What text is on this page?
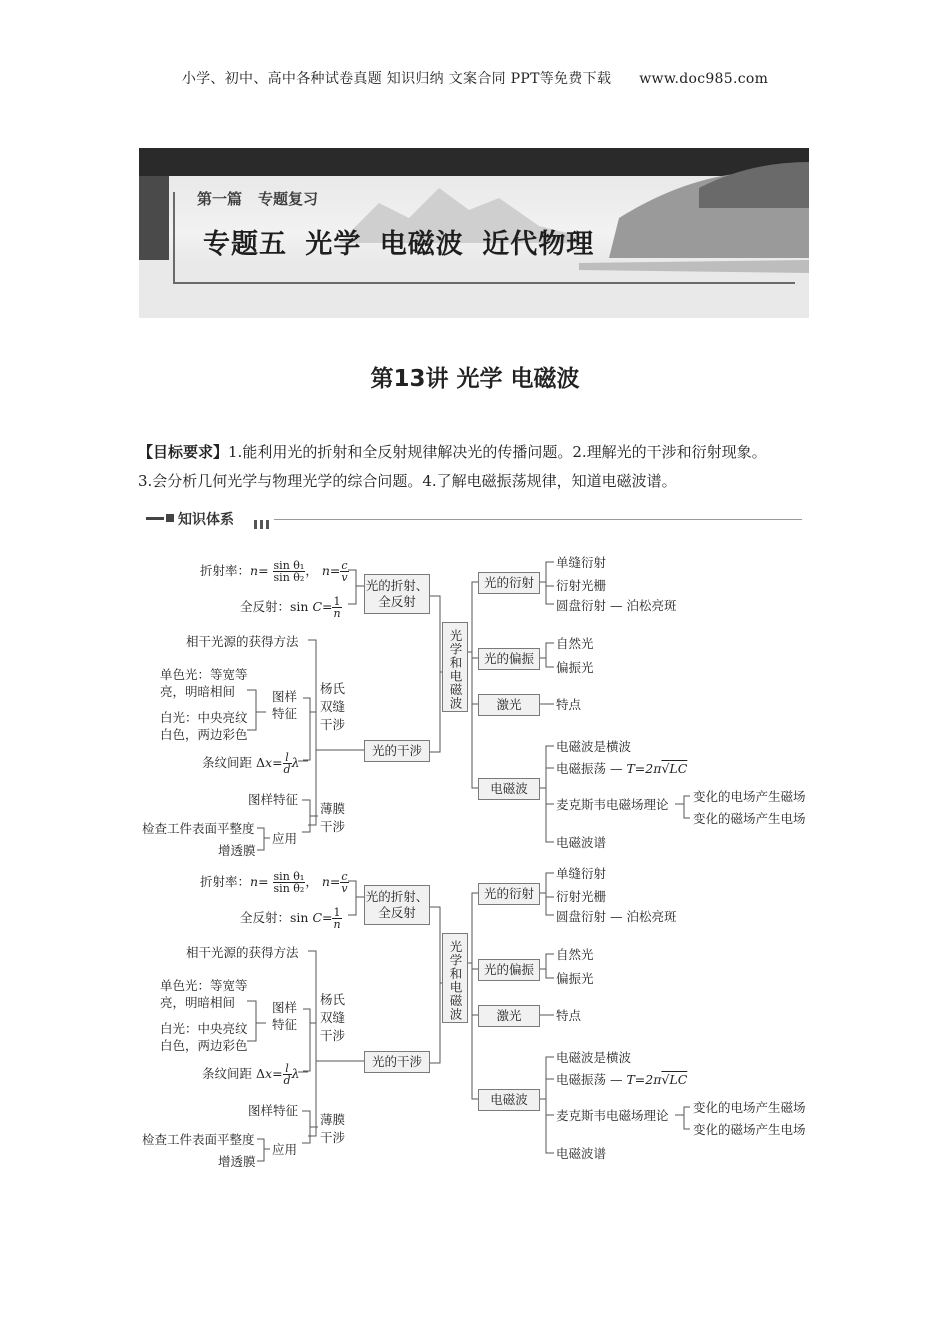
小学、初中、高中各种试卷真题 知识归纳 文案合同 PPT等免费下载 www.doc985.com
第一篇 专题复习
专题五 光学 电磁波 近代物理
第13讲 光学 电磁波
【目标要求】1.能利用光的折射和全反射规律解决光的传播问题。2.理解光的干涉和衍射现象。
3.会分析几何光学与物理光学的综合问题。4.了解电磁振荡规律，知道电磁波谱。
知识体系
折射率：$n= \frac{\text{sin θ₁}}{\text{sin θ₂}}$ ， $n= \frac{c}{v}$
全反射：$\sin C= \frac{1}{n}$
光的折射、全反射
光学和电磁波
相干光源的获得方法
单色光：等宽等亮，明暗相间
白光：中央亮纹白色，两边彩色
图样特征
杨氏双缝干涉
条纹间距 $\Delta x= \frac{l}{d}$ λ
光的干涉
图样特征
薄膜干涉
检查工件表面平整度
应用
增透膜
光的衍射
单缝衍射
衍射光栅
圆盘衍射 — 泊松亮斑
光的偏振
自然光
偏振光
激光	特点
电磁波
电磁波是横波
电磁振荡 — T=2π√LC
麦克斯韦电磁场理论
变化的电场产生磁场
变化的磁场产生电场
电磁波谱
折射率：$n= \frac{\text{sin θ₁}}{\text{sin θ₂}}$ ， $n= \frac{c}{v}$
全反射：$\sin C= \frac{1}{n}$
光的折射、全反射
光学和电磁波
相干光源的获得方法
单色光：等宽等亮，明暗相间
白光：中央亮纹白色，两边彩色
图样特征
杨氏双缝干涉
条纹间距 $\Delta x= \frac{l}{d}$ λ
光的干涉
图样特征
薄膜干涉
检查工件表面平整度
应用
增透膜
光的衍射
单缝衍射
衍射光栅
圆盘衍射 — 泊松亮斑
光的偏振
自然光
偏振光
激光	特点
电磁波
电磁波是横波
电磁振荡 — T=2π√LC
麦克斯韦电磁场理论
变化的电场产生磁场
变化的磁场产生电场
电磁波谱
